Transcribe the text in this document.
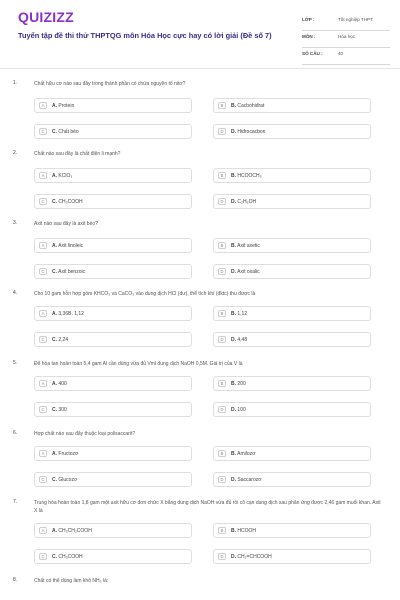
QUIZIZZ
Tuyển tập đề thi thử THPTQG môn Hóa Học cực hay có lời giải (Đề số 7)
LỚP :	Tốt nghiệp THPT
MÔN :	Hóa học
SỐ CÂU :	40
1.	Chất hữu cơ nào sau đây trong thành phần có chứa nguyên tố nitơ?
A	A. Protein	B	B. Cacbohiđrat
C	C. Chất béo	D	D. Hiđrocacbon
2.	Chất nào sau đây là chất điện li mạnh?
A	A. KClO₃	B	B. HCOOCH₃
C	C. CH₃COOH	D	D. C₂H₅OH
3.	Axit nào sau đây là axit béo?
A	A. Axit linoleic	B	B. Axit axetic
C	C. Axit benzoic	D	D. Axit oxalic
4.	Cho 10 gam hỗn hợp gồm KHCO₃ và CaCO₃ vào dung dịch HCl (dư), thể tích khí (đktc) thu được là
A	A. 3,36B. 1,12	B	B. 1,12
C	C. 2,24	D	D. 4,48
5.	Để hòa tan hoàn toàn 5,4 gam Al cần dùng vừa đủ Vml dung dịch NaOH 0,5M. Giá trị của V là
A	A. 400	B	B. 200
C	C. 300	D	D. 100
6.	Hợp chất nào sau đây thuộc loại polisaccarit?
A	A. Fructozơ	B	B. Amilozơ
C	C. Glucozơ	D	D. Saccarozơ
7.	Trung hòa hoàn toàn 1,8 gam một axit hữu cơ đơn chức X bằng dung dịch NaOH vừa đủ rồi cô cạn dung dịch sau phản ứng được 2,46 gam muối khan. Axit X là
A	A. CH₃CH₂COOH	B	B. HCOOH
C	C. CH₃COOH	D	D. CH₂=CHCOOH
8.	Chất có thể dùng làm khô NH₃ là:
